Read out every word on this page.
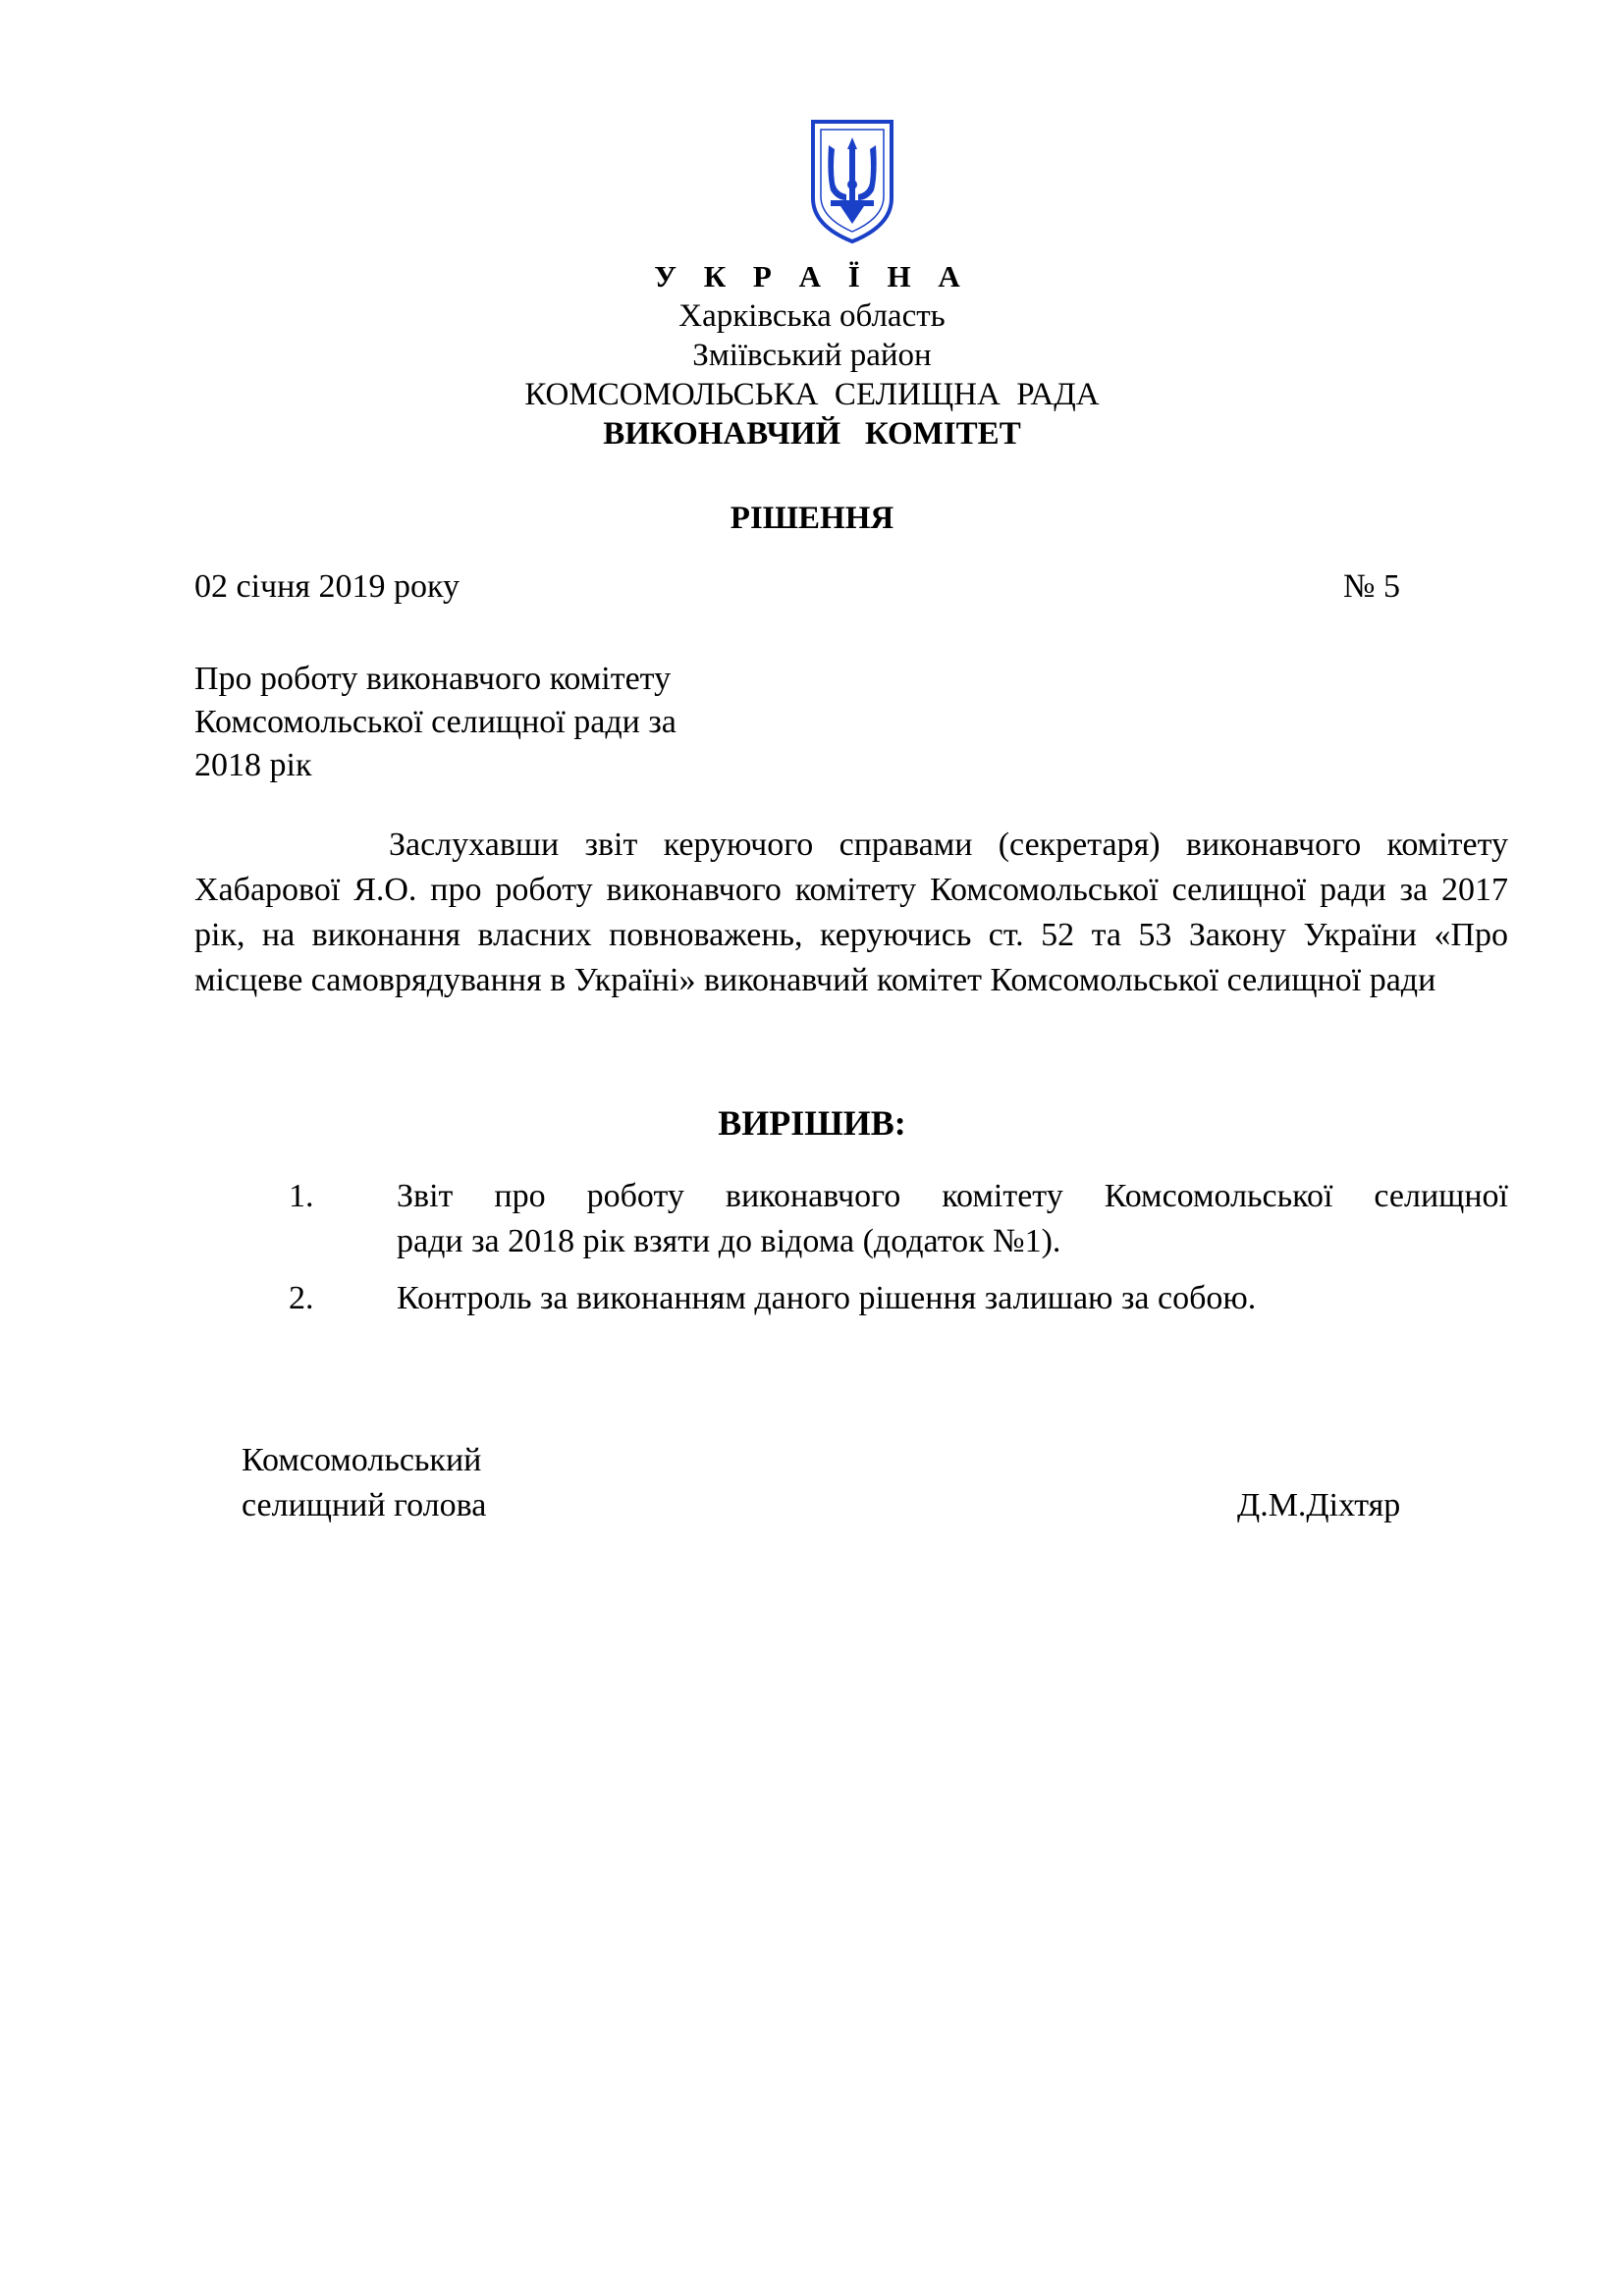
У К Р А Ї Н А
Харківська область
Зміївський район
КОМСОМОЛЬСЬКА  СЕЛИЩНА  РАДА
ВИКОНАВЧИЙ   КОМІТЕТ
РІШЕННЯ
02 січня 2019 року	№ 5
Про роботу виконавчого комітету
Комсомольської селищної ради за
2018 рік
Заслухавши звіт керуючого справами (секретаря) виконавчого комітету Хабарової Я.О. про роботу виконавчого комітету Комсомольської селищної ради за 2017 рік, на виконання власних повноважень, керуючись ст. 52 та 53 Закону України «Про місцеве самоврядування в Україні» виконавчий комітет Комсомольської селищної ради
ВИРІШИВ:
1. Звіт про роботу виконавчого комітету Комсомольської селищної
ради за 2018 рік взяти до відома (додаток №1).
2. Контроль за виконанням даного рішення залишаю за собою.
Комсомольський
селищний голова	Д.М.Діхтяр
